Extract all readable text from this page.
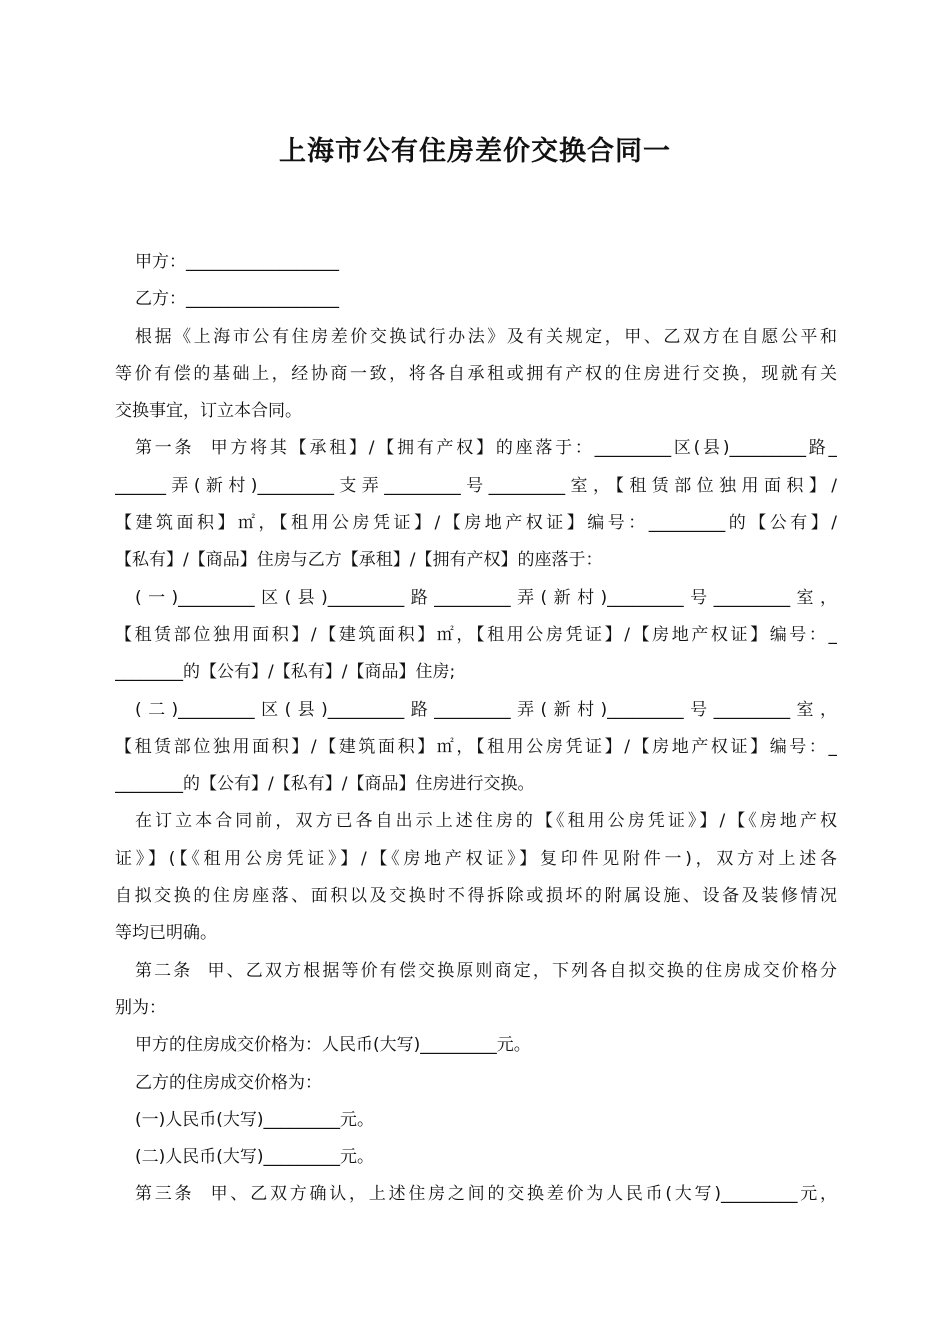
上海市公有住房差价交换合同一
甲方：__________________
乙方：__________________
根据《上海市公有住房差价交换试行办法》及有关规定，甲、乙双方在自愿公平和
等价有偿的基础上，经协商一致，将各自承租或拥有产权的住房进行交换，现就有关
交换事宜，订立本合同。
第一条  甲方将其【承租】/【拥有产权】的座落于：_________区(县)_________路_
______弄(新村)_________支弄_________号_________室，【租赁部位独用面积】/
【建筑面积】㎡，【租用公房凭证】/【房地产权证】编号：_________的【公有】/
【私有】/【商品】住房与乙方【承租】/【拥有产权】的座落于：
(一)_________区(县)_________路_________弄(新村)_________号_________室，
【租赁部位独用面积】/【建筑面积】㎡，【租用公房凭证】/【房地产权证】编号：_
________的【公有】/【私有】/【商品】住房;
(二)_________区(县)_________路_________弄(新村)_________号_________室，
【租赁部位独用面积】/【建筑面积】㎡，【租用公房凭证】/【房地产权证】编号：_
________的【公有】/【私有】/【商品】住房进行交换。
在订立本合同前，双方已各自出示上述住房的【《租用公房凭证》】/【《房地产权
证》】(【《租用公房凭证》】/【《房地产权证》】复印件见附件一)，双方对上述各
自拟交换的住房座落、面积以及交换时不得拆除或损坏的附属设施、设备及装修情况
等均已明确。
第二条  甲、乙双方根据等价有偿交换原则商定，下列各自拟交换的住房成交价格分
别为：
甲方的住房成交价格为：人民币(大写)_________元。
乙方的住房成交价格为：
(一)人民币(大写)_________元。
(二)人民币(大写)_________元。
第三条  甲、乙双方确认，上述住房之间的交换差价为人民币(大写)_________元，
